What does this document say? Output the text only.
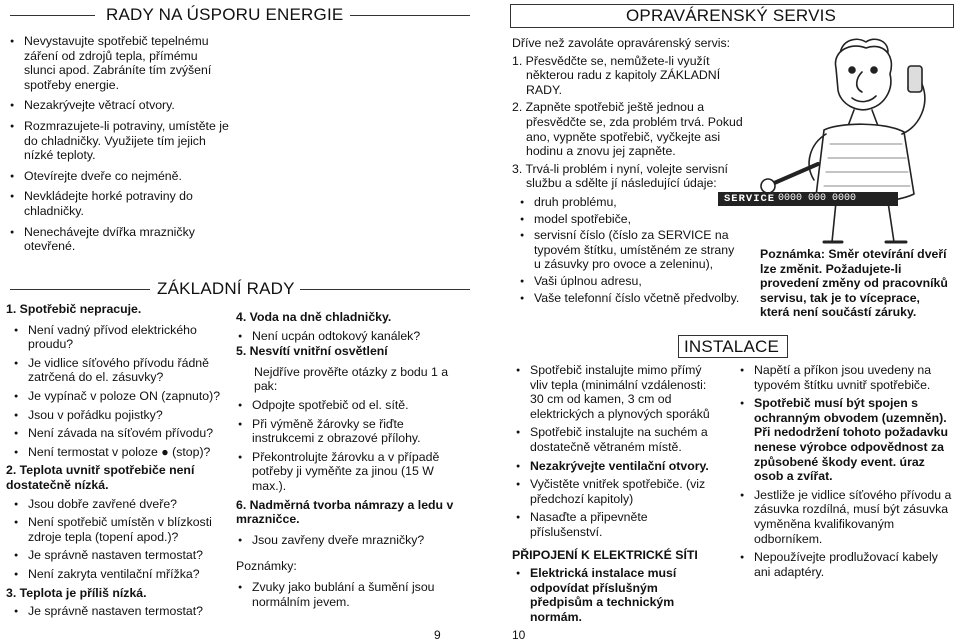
RADY NA ÚSPORU ENERGIE
● Nevystavujte spotřebič tepelnému záření od zdrojů tepla, přímému slunci apod. Zabráníte tím zvýšení spotřeby energie.
● Nezakrývejte větrací otvory.
● Rozmrazujete-li potraviny, umístěte je do chladničky. Využijete tím jejich nízké teploty.
● Otevírejte dveře co nejméně.
● Nevkládejte horké potraviny do chladničky.
● Nenechávejte dvířka mrazničky otevřené.
ZÁKLADNÍ RADY
1. Spotřebič nepracuje.
● Není vadný přívod elektrického proudu?
● Je vidlice síťového přívodu řádně zatrčená do el. zásuvky?
● Je vypínač v poloze ON (zapnuto)?
● Jsou v pořádku pojistky?
● Není závada na síťovém přívodu?
● Není termostat v poloze ● (stop)?
2. Teplota uvnitř spotřebiče není dostatečně nízká.
● Jsou dobře zavřené dveře?
● Není spotřebič umístěn v blízkosti zdroje tepla (topení apod.)?
● Je správně nastaven termostat?
● Není zakryta ventilační mřížka?
3. Teplota je příliš nízká.
● Je správně nastaven termostat?
4. Voda na dně chladničky.
● Není ucpán odtokový kanálek?
5. Nesvítí vnitřní osvětlení
Nejdříve prověřte otázky z bodu 1 a pak:
● Odpojte spotřebič od el. sítě.
● Při výměně žárovky se řiďte instrukcemi z obrazové přílohy.
● Překontrolujte žárovku a v případě potřeby ji vyměňte za jinou (15 W max.).
6. Nadměrná tvorba námrazy a ledu v mrazničce.
● Jsou zavřeny dveře mrazničky?
Poznámky:
● Zvuky jako bublání a šumění jsou normálním jevem.
9
OPRAVÁRENSKÝ SERVIS
Dříve než zavoláte opravárenský servis:
1. Přesvědčte se, nemůžete-li využít některou radu z kapitoly ZÁKLADNÍ RADY.
2. Zapněte spotřebič ještě jednou a přesvědčte se, zda problém trvá. Pokud ano, vypněte spotřebič, vyčkejte asi hodinu a znovu jej zapněte.
3. Trvá-li problém i nyní, volejte servisní službu a sdělte jí následující údaje:
● druh problému,
● model spotřebiče,
● servisní číslo (číslo za SERVICE na typovém štítku, umístěném ze strany u zásuvky pro ovoce a zeleninu),
● Vaši úplnou adresu,
● Vaše telefonní číslo včetně předvolby.
SERVICE 0000 000 0000
Poznámka: Směr otevírání dveří lze změnit. Požadujete-li provedení změny od pracovníků servisu, tak je to víceprace, která není součástí záruky.
INSTALACE
● Spotřebič instalujte mimo přímý vliv tepla (minimální vzdálenosti: 30 cm od kamen, 3 cm od elektrických a plynových sporáků
● Spotřebič instalujte na suchém a dostatečně větraném místě.
● Nezakrývejte ventilační otvory.
● Vyčistěte vnitřek spotřebiče. (viz předchozí kapitoly)
● Nasaďte a připevněte příslušenství.
PŘIPOJENÍ K ELEKTRICKÉ SÍTI
● Elektrická instalace musí odpovídat příslušným předpisům a technickým normám.
● Napětí a příkon jsou uvedeny na typovém štítku uvnitř spotřebiče.
● Spotřebič musí být spojen s ochranným obvodem (uzemněn). Při nedodržení tohoto požadavku nenese výrobce odpovědnost za způsobené škody event. úraz osob a zvířat.
● Jestliže je vidlice síťového přívodu a zásuvka rozdílná, musí být zásuvka vyměněna kvalifikovaným odborníkem.
● Nepoužívejte prodlužovací kabely ani adaptéry.
10
